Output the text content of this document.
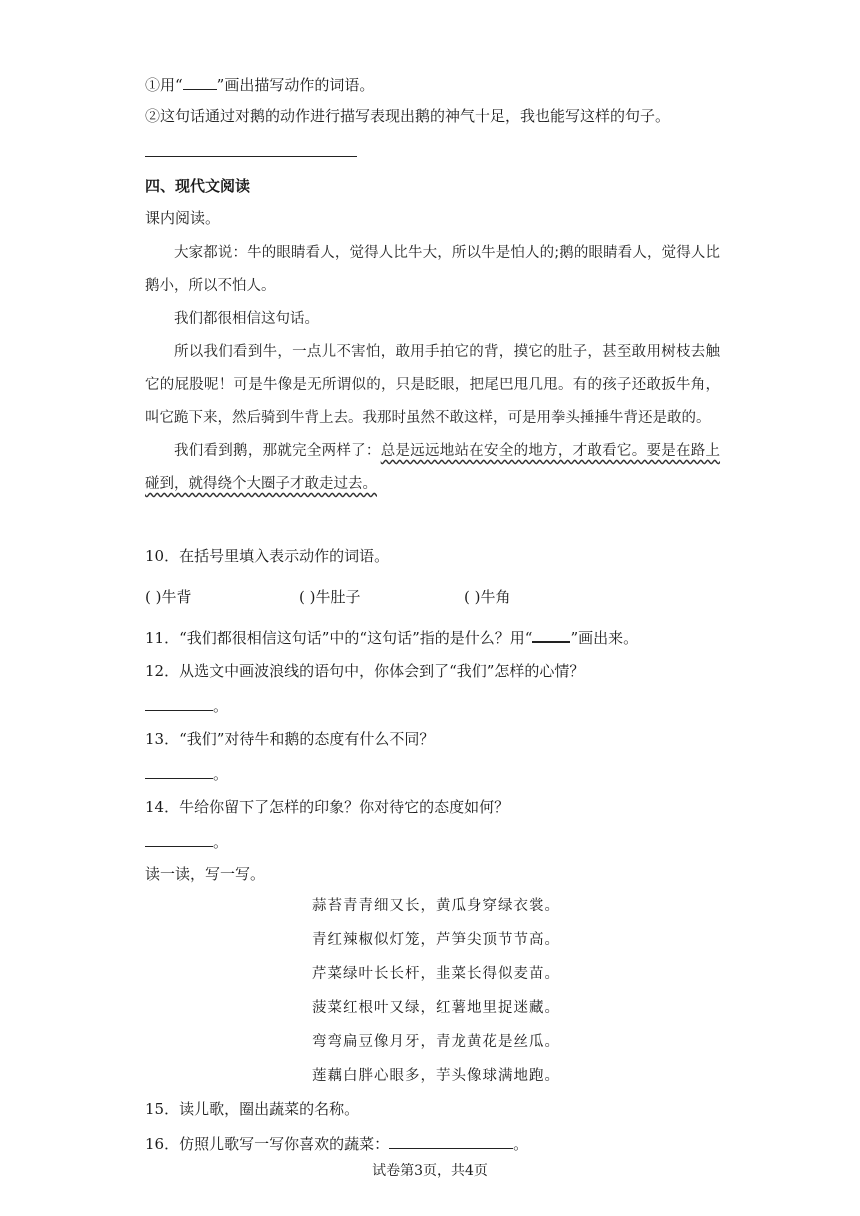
①用“ ”画出描写动作的词语。
②这句话通过对鹅的动作进行描写表现出鹅的神气十足，我也能写这样的句子。
四、现代文阅读
课内阅读。

大家都说：牛的眼睛看人，觉得人比牛大，所以牛是怕人的;鹅的眼睛看人，觉得人比鹅小，所以不怕人。

我们都很相信这句话。

所以我们看到牛，一点儿不害怕，敢用手拍它的背，摸它的肚子，甚至敢用树枝去触它的屁股呢！可是牛像是无所谓似的，只是眨眼，把尾巴甩几甩。有的孩子还敢扳牛角，叫它跪下来，然后骑到牛背上去。我那时虽然不敢这样，可是用拳头捶捶牛背还是敢的。

我们看到鹅，那就完全两样了：总是远远地站在安全的地方，才敢看它。要是在路上碰到，就得绕个大圈子才敢走过去。

10．在括号里填入表示动作的词语。
( )牛背	( )牛肚子	( )牛角
11．“我们都很相信这句话”中的“这句话”指的是什么？用“	”画出来。
12．从选文中画波浪线的语句中，你体会到了“我们”怎样的心情？
。
13．“我们”对待牛和鹅的态度有什么不同？
。
14．牛给你留下了怎样的印象？你对待它的态度如何？
。
读一读，写一写。
蒜苔青青细又长，黄瓜身穿绿衣裳。
青红辣椒似灯笼，芦笋尖顶节节高。
芹菜绿叶长长杆，韭菜长得似麦苗。
菠菜红根叶又绿，红薯地里捉迷藏。
弯弯扁豆像月牙，青龙黄花是丝瓜。
莲藕白胖心眼多，芋头像球满地跑。
15．读儿歌，圈出蔬菜的名称。
16．仿照儿歌写一写你喜欢的蔬菜：	。
试卷第3页，共4页
